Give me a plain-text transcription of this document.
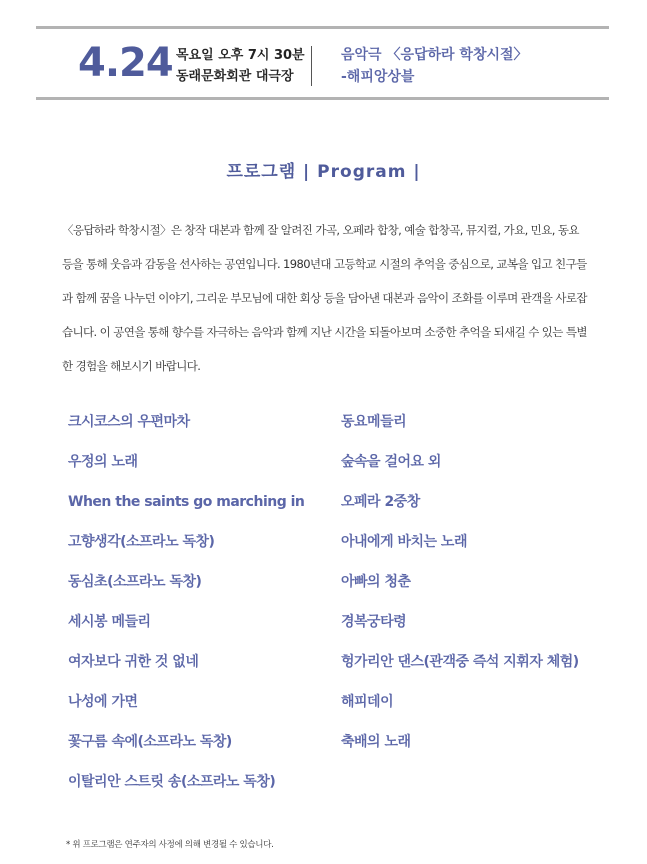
4.24 목요일 오후 7시 30분
동래문화회관 대극장
음악극 〈응답하라 학창시절〉
-해피앙상블
프로그램 | Program |
〈응답하라 학창시절〉은 창작 대본과 함께 잘 알려진 가곡, 오페라 합창, 예술 합창곡, 뮤지컬, 가요, 민요, 동요 등을 통해 웃음과 감동을 선사하는 공연입니다. 1980년대 고등학교 시절의 추억을 중심으로, 교복을 입고 친구들과 함께 꿈을 나누던 이야기, 그리운 부모님에 대한 회상 등을 담아낸 대본과 음악이 조화를 이루며 관객을 사로잡습니다. 이 공연을 통해 향수를 자극하는 음악과 함께 지난 시간을 되돌아보며 소중한 추억을 되새길 수 있는 특별한 경험을 해보시기 바랍니다.
크시코스의 우편마차
우정의 노래
When the saints go marching in
고향생각(소프라노 독창)
동심초(소프라노 독창)
세시봉 메들리
여자보다 귀한 것 없네
나성에 가면
꽃구름 속에(소프라노 독창)
이탈리안 스트릿 송(소프라노 독창)
동요메들리
숲속을 걸어요 외
오페라 2중창
아내에게 바치는 노래
아빠의 청춘
경복궁타령
헝가리안 댄스(관객중 즉석 지휘자 체험)
해피데이
축배의 노래
* 위 프로그램은 연주자의 사정에 의해 변경될 수 있습니다.
